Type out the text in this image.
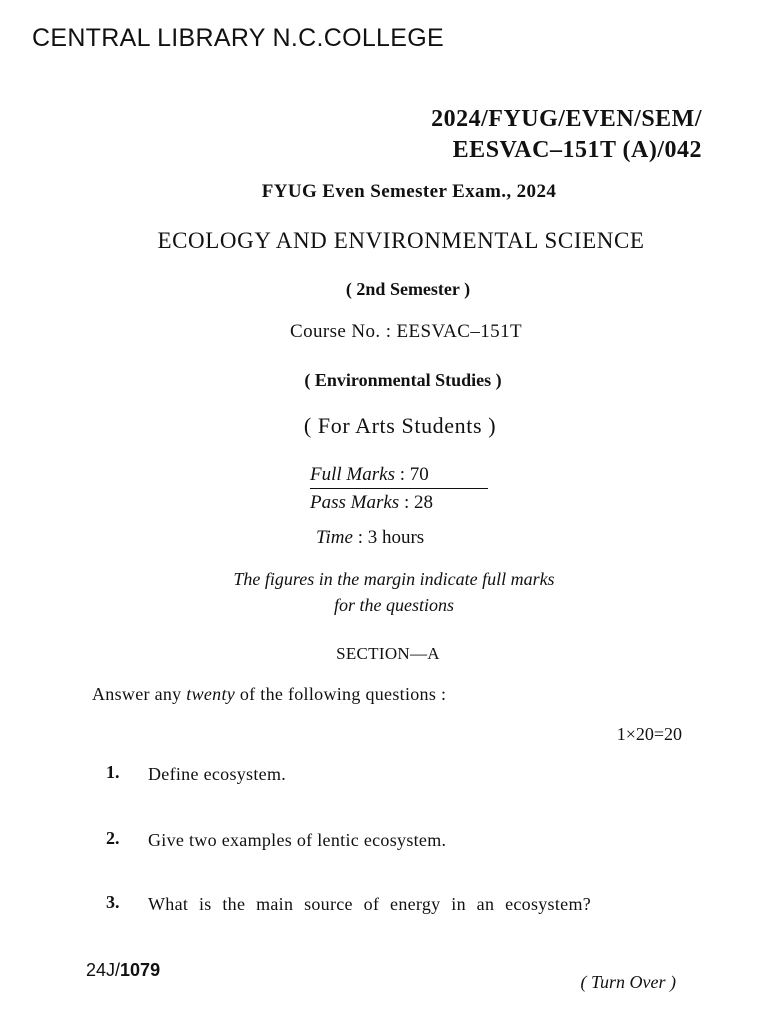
CENTRAL LIBRARY N.C.COLLEGE
2024/FYUG/EVEN/SEM/
EESVAC–151T (A)/042
FYUG Even Semester Exam., 2024
ECOLOGY AND ENVIRONMENTAL SCIENCE
( 2nd Semester )
Course No. : EESVAC–151T
( Environmental Studies )
( For Arts Students )
Full Marks : 70
Pass Marks : 28
Time : 3 hours
The figures in the margin indicate full marks
for the questions
SECTION—A
Answer any twenty of the following questions :
1×20=20
1. Define ecosystem.
2. Give two examples of lentic ecosystem.
3. What is the main source of energy in an ecosystem?
24J/1079
( Turn Over )
